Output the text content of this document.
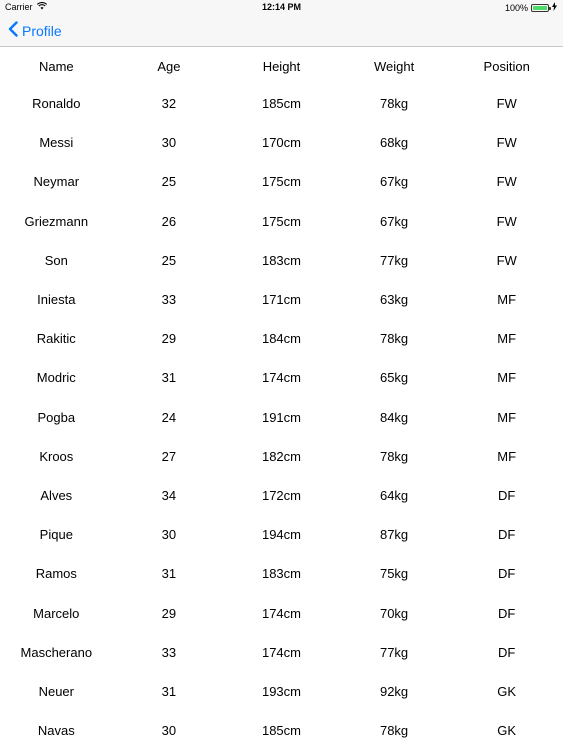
Carrier	12:14 PM	100%
Profile
Name	Age	Height	Weight	Position
Ronaldo	32	185cm	78kg	FW
Messi	30	170cm	68kg	FW
Neymar	25	175cm	67kg	FW
Griezmann	26	175cm	67kg	FW
Son	25	183cm	77kg	FW
Iniesta	33	171cm	63kg	MF
Rakitic	29	184cm	78kg	MF
Modric	31	174cm	65kg	MF
Pogba	24	191cm	84kg	MF
Kroos	27	182cm	78kg	MF
Alves	34	172cm	64kg	DF
Pique	30	194cm	87kg	DF
Ramos	31	183cm	75kg	DF
Marcelo	29	174cm	70kg	DF
Mascherano	33	174cm	77kg	DF
Neuer	31	193cm	92kg	GK
Navas	30	185cm	78kg	GK
